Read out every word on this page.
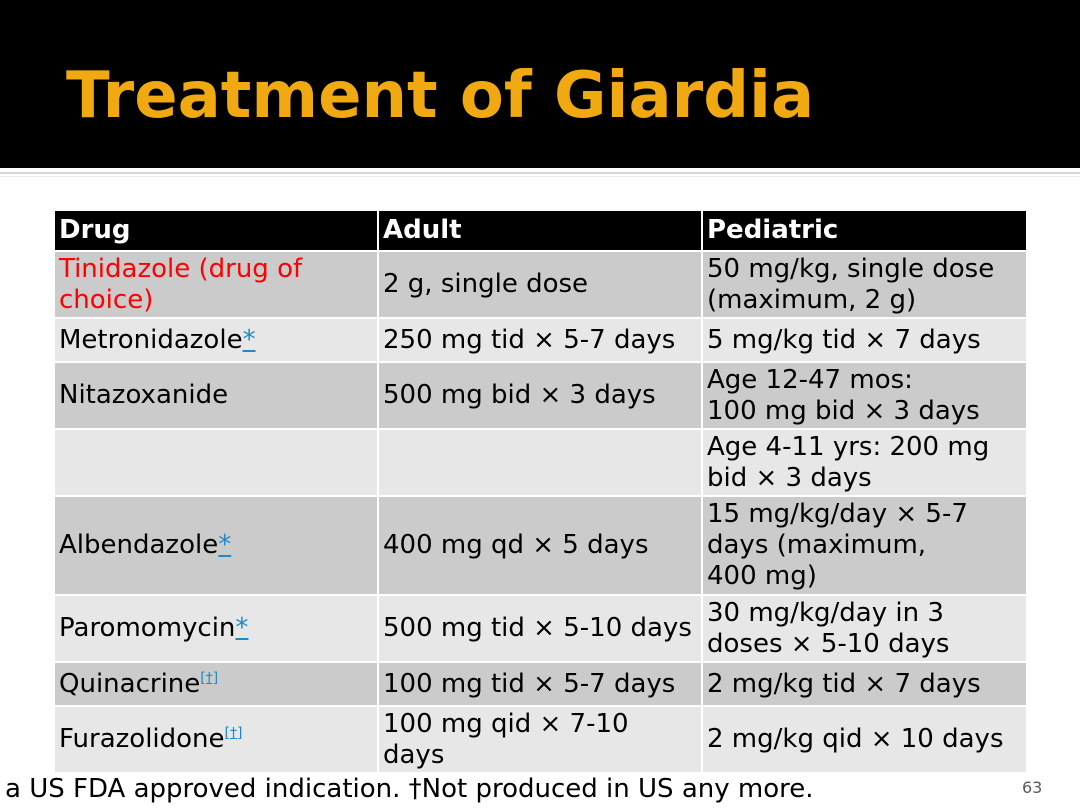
Treatment of Giardia
Drug	Adult	Pediatric
Tinidazole (drug of choice)	2 g, single dose	50 mg/kg, single dose (maximum, 2 g)
Metronidazole*	250 mg tid × 5-7 days	5 mg/kg tid × 7 days
Nitazoxanide	500 mg bid × 3 days	Age 12-47 mos:
100 mg bid × 3 days
		Age 4-11 yrs: 200 mg bid × 3 days
Albendazole*	400 mg qd × 5 days	15 mg/kg/day × 5-7 days (maximum,
400 mg)
Paromomycin*	500 mg tid × 5-10 days	30 mg/kg/day in 3 doses × 5-10 days
Quinacrine[†]	100 mg tid × 5-7 days	2 mg/kg tid × 7 days
Furazolidone[†]	100 mg qid × 7-10 days	2 mg/kg qid × 10 days
a US FDA approved indication. †Not produced in US any more.	63
